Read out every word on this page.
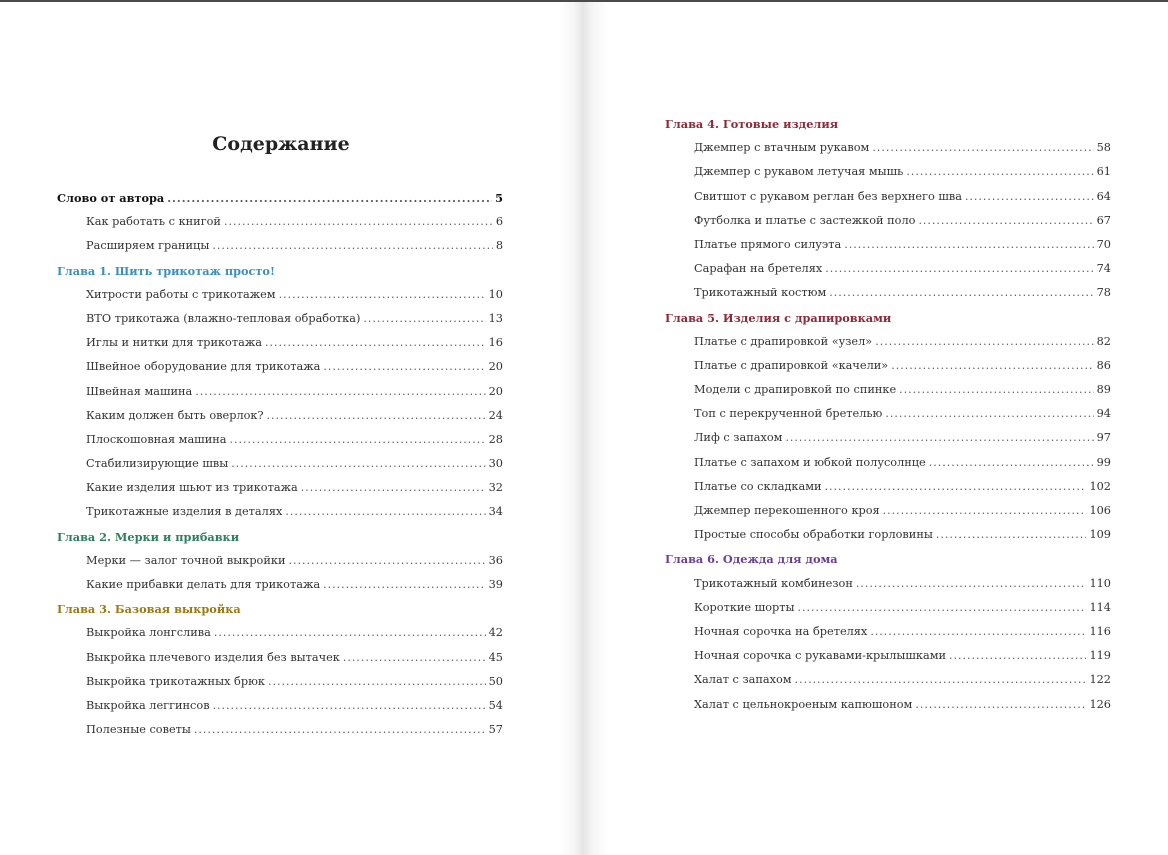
Содержание
Слово от автора .....	5
Как работать с книгой .....	6
Расширяем границы .....	8
Глава 1. Шить трикотаж просто!
Хитрости работы с трикотажем .....	10
ВТО трикотажа (влажно-тепловая обработка) .....	13
Иглы и нитки для трикотажа .....	16
Швейное оборудование для трикотажа .....	20
Швейная машина .....	20
Каким должен быть оверлок? .....	24
Плоскошовная машина .....	28
Стабилизирующие швы .....	30
Какие изделия шьют из трикотажа .....	32
Трикотажные изделия в деталях .....	34
Глава 2. Мерки и прибавки
Мерки — залог точной выкройки .....	36
Какие прибавки делать для трикотажа .....	39
Глава 3. Базовая выкройка
Выкройка лонгслива .....	42
Выкройка плечевого изделия без вытачек .....	45
Выкройка трикотажных брюк .....	50
Выкройка леггинсов .....	54
Полезные советы .....	57
Глава 4. Готовые изделия
Джемпер с втачным рукавом .....	58
Джемпер с рукавом летучая мышь .....	61
Свитшот с рукавом реглан без верхнего шва .....	64
Футболка и платье с застежкой поло .....	67
Платье прямого силуэта .....	70
Сарафан на бретелях .....	74
Трикотажный костюм .....	78
Глава 5. Изделия с драпировками
Платье с драпировкой «узел» .....	82
Платье с драпировкой «качели» .....	86
Модели с драпировкой по спинке .....	89
Топ с перекрученной бретелью .....	94
Лиф с запахом .....	97
Платье с запахом и юбкой полусолнце .....	99
Платье со складками .....	102
Джемпер перекошенного кроя .....	106
Простые способы обработки горловины .....	109
Глава 6. Одежда для дома
Трикотажный комбинезон .....	110
Короткие шорты .....	114
Ночная сорочка на бретелях .....	116
Ночная сорочка с рукавами-крылышками .....	119
Халат с запахом .....	122
Халат с цельнокроеным капюшоном .....	126
